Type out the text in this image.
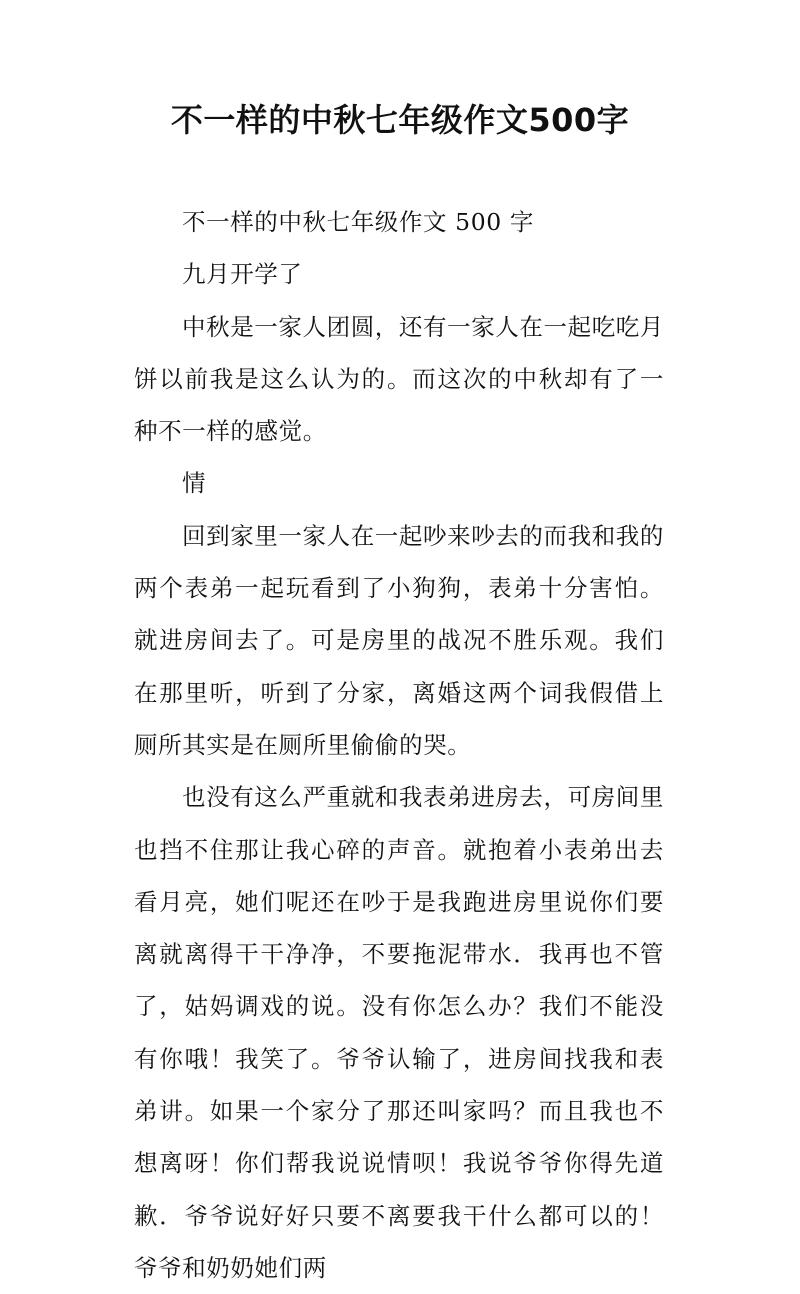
不一样的中秋七年级作文500字

不一样的中秋七年级作文 500 字

九月开学了

中秋是一家人团圆，还有一家人在一起吃吃月饼以前我是这么认为的。而这次的中秋却有了一种不一样的感觉。

情

回到家里一家人在一起吵来吵去的而我和我的两个表弟一起玩看到了小狗狗，表弟十分害怕。就进房间去了。可是房里的战况不胜乐观。我们在那里听，听到了分家，离婚这两个词我假借上厕所其实是在厕所里偷偷的哭。

也没有这么严重就和我表弟进房去，可房间里也挡不住那让我心碎的声音。就抱着小表弟出去看月亮，她们呢还在吵于是我跑进房里说你们要离就离得干干净净，不要拖泥带水．我再也不管了，姑妈调戏的说。没有你怎么办？我们不能没有你哦！我笑了。爷爷认输了，进房间找我和表弟讲。如果一个家分了那还叫家吗？而且我也不想离呀！你们帮我说说情呗！我说爷爷你得先道歉．爷爷说好好只要不离要我干什么都可以的！爷爷和奶奶她们两
